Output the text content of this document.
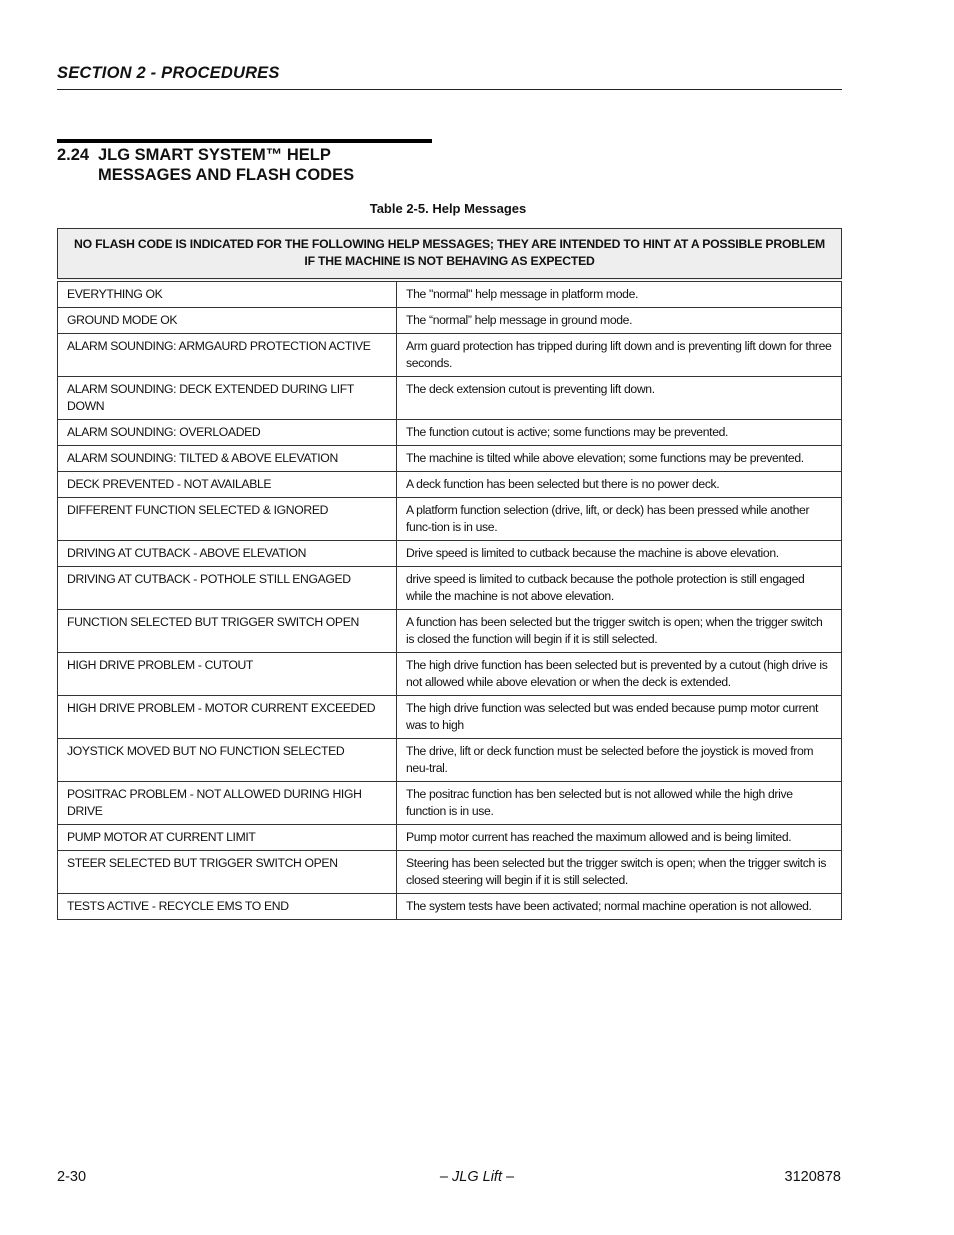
SECTION 2 - PROCEDURES
2.24 JLG SMART SYSTEM™ HELP
MESSAGES AND FLASH CODES
Table 2-5. Help Messages
NO FLASH CODE IS INDICATED FOR THE FOLLOWING HELP MESSAGES; THEY ARE INTENDED TO HINT AT A POSSIBLE PROBLEM IF THE MACHINE IS NOT BEHAVING AS EXPECTED	
EVERYTHING OK	The "normal" help message in platform mode.
GROUND MODE OK	The “normal” help message in ground mode.
ALARM SOUNDING: ARMGAURD PROTECTION ACTIVE	Arm guard protection has tripped during lift down and is preventing lift down for three seconds.
ALARM SOUNDING: DECK EXTENDED DURING LIFT DOWN	The deck extension cutout is preventing lift down.
ALARM SOUNDING: OVERLOADED	The function cutout is active; some functions may be prevented.
ALARM SOUNDING: TILTED & ABOVE ELEVATION	The machine is tilted while above elevation; some functions may be prevented.
DECK PREVENTED - NOT AVAILABLE	A deck function has been selected but there is no power deck.
DIFFERENT FUNCTION SELECTED & IGNORED	A platform function selection (drive, lift, or deck) has been pressed while another func-tion is in use.
DRIVING AT CUTBACK - ABOVE ELEVATION	Drive speed is limited to cutback because the machine is above elevation.
DRIVING AT CUTBACK - POTHOLE STILL ENGAGED	drive speed is limited to cutback because the pothole protection is still engaged while the machine is not above elevation.
FUNCTION SELECTED BUT TRIGGER SWITCH OPEN	A function has been selected but the trigger switch is open; when the trigger switch is closed the function will begin if it is still selected.
HIGH DRIVE PROBLEM - CUTOUT	The high drive function has been selected but is prevented by a cutout (high drive is not allowed while above elevation or when the deck is extended.
HIGH DRIVE PROBLEM - MOTOR CURRENT EXCEEDED	The high drive function was selected but was ended because pump motor current was to high
JOYSTICK MOVED BUT NO FUNCTION SELECTED	The drive, lift or deck function must be selected before the joystick is moved from neu-tral.
POSITRAC PROBLEM - NOT ALLOWED DURING HIGH DRIVE	The positrac function has ben selected but is not allowed while the high drive function is in use.
PUMP MOTOR AT CURRENT LIMIT	Pump motor current has reached the maximum allowed and is being limited.
STEER SELECTED BUT TRIGGER SWITCH OPEN	Steering has been selected but the trigger switch is open; when the trigger switch is closed steering will begin if it is still selected.
TESTS ACTIVE - RECYCLE EMS TO END	The system tests have been activated; normal machine operation is not allowed.
2-30	– JLG Lift –	3120878
